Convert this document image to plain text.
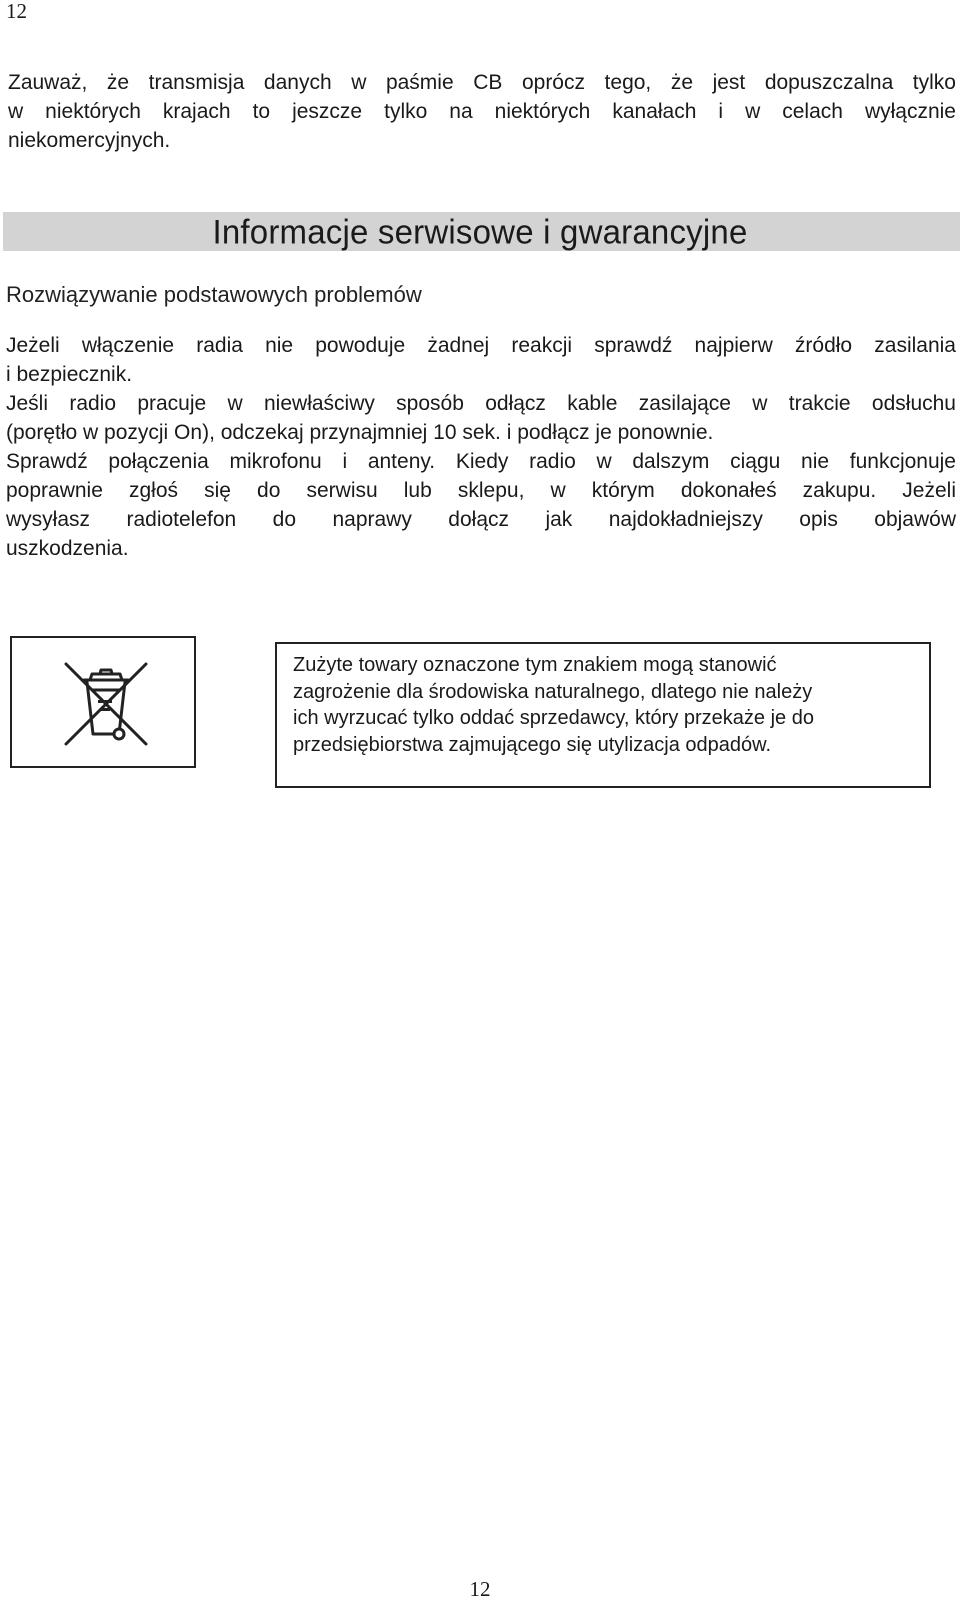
12

Zauważ, że transmisja danych w paśmie CB oprócz tego, że jest dopuszczalna tylko
w niektórych krajach to jeszcze tylko na niektórych kanałach i w celach wyłącznie
niekomercyjnych.

Informacje serwisowe i gwarancyjne
Rozwiązywanie podstawowych problemów

Jeżeli włączenie radia nie powoduje żadnej reakcji sprawdź najpierw źródło zasilania
i bezpiecznik.

Jeśli radio pracuje w niewłaściwy sposób odłącz kable zasilające w trakcie odsłuchu
(porętło w pozycji On), odczekaj przynajmniej 10 sek. i podłącz je ponownie.
Sprawdź połączenia mikrofonu i anteny. Kiedy radio w dalszym ciągu nie funkcjonuje
poprawnie zgłoś się do serwisu lub sklepu, w którym dokonałeś zakupu. Jeżeli
wysyłasz radiotelefon do naprawy dołącz jak najdokładniejszy opis objawów
uszkodzenia.

Zużyte towary oznaczone tym znakiem mogą stanowić
zagrożenie dla środowiska naturalnego, dlatego nie należy
ich wyrzucać tylko oddać sprzedawcy, który przekaże je do
przedsiębiorstwa zajmującego się utylizacja odpadów.

12
